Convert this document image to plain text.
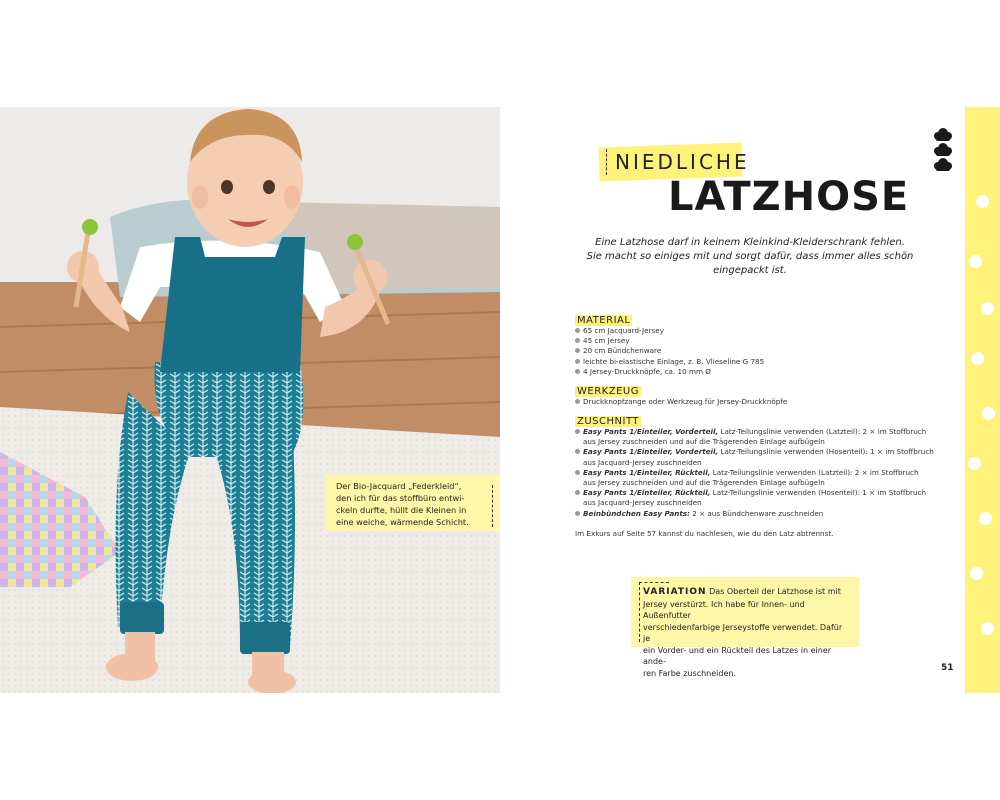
Der Bio-Jacquard „Federkleid“,
den ich für das stoffbüro entwi-
ckeln durfte, hüllt die Kleinen in
eine weiche, wärmende Schicht.
NIEDLICHE
LATZHOSE
Eine Latzhose darf in keinem Kleinkind-Kleiderschrank fehlen.
Sie macht so einiges mit und sorgt dafür, dass immer alles schön
eingepackt ist.
MATERIAL
65 cm Jacquard-Jersey
45 cm Jersey
20 cm Bündchenware
leichte bi-elastische Einlage, z. B. Vlieseline G 785
4 Jersey-Druckknöpfe, ca. 10 mm Ø
WERKZEUG
Druckknopfzange oder Werkzeug für Jersey-Druckknöpfe
ZUSCHNITT
Easy Pants 1/Einteiler, Vorderteil, Latz-Teilungslinie verwenden (Latzteil): 2 × im Stoffbruch
aus Jersey zuschneiden und auf die Trägerenden Einlage aufbügeln
Easy Pants 1/Einteiler, Vorderteil, Latz-Teilungslinie verwenden (Hosenteil): 1 × im Stoffbruch
aus Jacquard-Jersey zuschneiden
Easy Pants 1/Einteiler, Rückteil, Latz-Teilungslinie verwenden (Latzteil): 2 × im Stoffbruch
aus Jersey zuschneiden und auf die Trägerenden Einlage aufbügeln
Easy Pants 1/Einteiler, Rückteil, Latz-Teilungslinie verwenden (Hosenteil): 1 × im Stoffbruch
aus Jacquard-Jersey zuschneiden
Beinbündchen Easy Pants: 2 × aus Bündchenware zuschneiden
Im Exkurs auf Seite 57 kannst du nachlesen, wie du den Latz abtrennst.
VARIATION Das Oberteil der Latzhose ist mit
Jersey verstürzt. Ich habe für Innen- und Außenfutter
verschiedenfarbige Jerseystoffe verwendet. Dafür je
ein Vorder- und ein Rückteil des Latzes in einer ande-
ren Farbe zuschneiden.	51
